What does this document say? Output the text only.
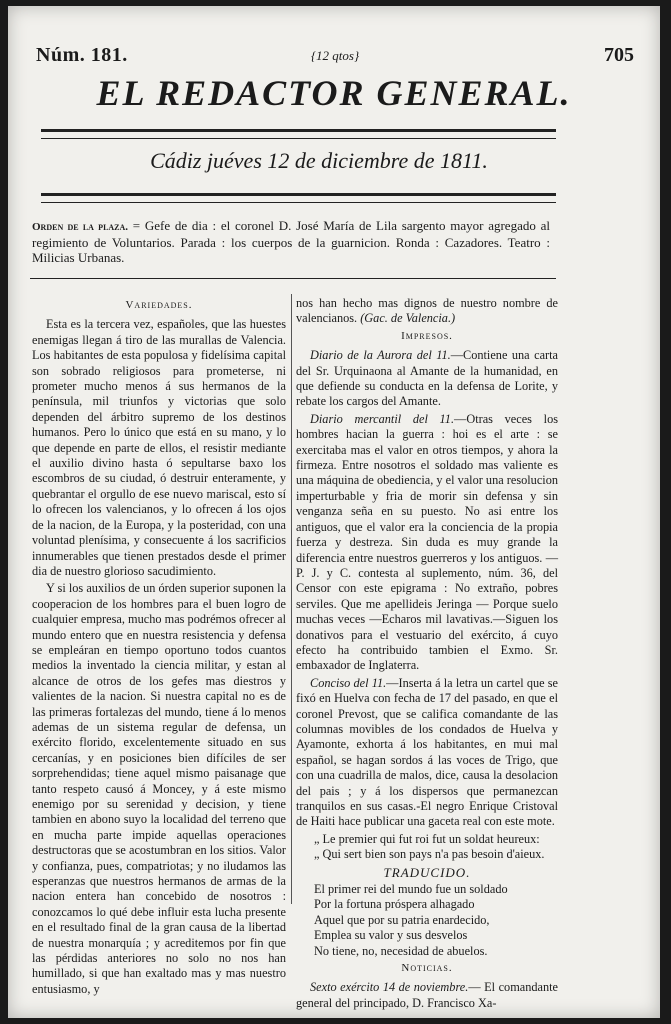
Núm. 181.	{12 qtos}	705
EL REDACTOR GENERAL.
Cádiz juéves 12 de diciembre de 1811.
Orden de la plaza. = Gefe de dia : el coronel D. José María de Lila sargento mayor agregado al regimiento de Voluntarios. Parada : los cuerpos de la guarnicion. Ronda : Cazadores. Teatro : Milicias Urbanas.
Variedades.

Esta es la tercera vez, españoles, que las huestes enemigas llegan á tiro de las murallas de Valencia. Los habitantes de esta populosa y fidelísima capital son sobrado religiosos para prometerse, ni prometer mucho menos á sus hermanos de la península, mil triunfos y victorias que solo dependen del árbitro supremo de los destinos humanos. Pero lo único que está en su mano, y lo que depende en parte de ellos, el resistir mediante el auxilio divino hasta ó sepultarse baxo los escombros de su ciudad, ó destruir enteramente, y quebrantar el orgullo de ese nuevo mariscal, esto sí lo ofrecen los valencianos, y lo ofrecen á los ojos de la nacion, de la Europa, y la posteridad, con una voluntad plenísima, y consecuente á los sacrificios innumerables que tienen prestados desde el primer dia de nuestro glorioso sacudimiento.

Y si los auxilios de un órden superior suponen la cooperacion de los hombres para el buen logro de cualquier empresa, mucho mas podrémos ofrecer al mundo entero que en nuestra resistencia y defensa se empleáran en tiempo oportuno todos cuantos medios la inventado la ciencia militar, y estan al alcance de otros de los gefes mas diestros y valientes de la nacion. Si nuestra capital no es de las primeras fortalezas del mundo, tiene á lo menos ademas de un sistema regular de defensa, un exército florido, excelentemente situado en sus cercanías, y en posiciones bien difíciles de ser sorprehendidas; tiene aquel mismo paisanage que tanto respeto causó á Moncey, y á este mismo enemigo por su serenidad y decision, y tiene tambien en abono suyo la localidad del terreno que en mucha parte impide aquellas operaciones destructoras que se acostumbran en los sitios. Valor y confianza, pues, compatriotas; y no iludamos las esperanzas que nuestros hermanos de armas de la nacion entera han concebido de nosotros : conozcamos lo qué debe influir esta lucha presente en el resultado final de la gran causa de la libertad de nuestra monarquía ; y acreditemos por fin que las pérdidas anteriores no solo no nos han humillado, si que han exaltado mas y mas nuestro entusiasmo, y

nos han hecho mas dignos de nuestro nombre de valencianos. (Gac. de Valencia.)

Impresos.

Diario de la Aurora del 11.—Contiene una carta del Sr. Urquinaona al Amante de la humanidad, en que defiende su conducta en la defensa de Lorite, y rebate los cargos del Amante.

Diario mercantil del 11.—Otras veces los hombres hacian la guerra : hoi es el arte : se exercitaba mas el valor en otros tiempos, y ahora la firmeza. Entre nosotros el soldado mas valiente es una máquina de obediencia, y el valor una resolucion imperturbable y fria de morir sin defensa y sin venganza seña en su puesto. No asi entre los antiguos, que el valor era la conciencia de la propia fuerza y destreza. Sin duda es muy grande la diferencia entre nuestros guerreros y los antiguos. — P. J. y C. contesta al suplemento, núm. 36, del Censor con este epigrama : No extraño, pobres serviles. Que me apellideis Jeringa — Porque suelo muchas veces —Echaros mil lavativas.—Siguen los donativos para el vestuario del exército, á cuyo efecto ha contribuido tambien el Exmo. Sr. embaxador de Inglaterra.

Conciso del 11.—Inserta á la letra un cartel que se fixó en Huelva con fecha de 17 del pasado, en que el coronel Prevost, que se califica comandante de las columnas movibles de los condados de Huelva y Ayamonte, exhorta á los habitantes, en mui mal español, se hagan sordos á las voces de Trigo, que con una cuadrilla de malos, dice, causa la desolacion del pais ; y á los dispersos que permanezcan tranquilos en sus casas.-El negro Enrique Cristoval de Haiti hace publicar una gaceta real con este mote.

„ Le premier qui fut roi fut un soldat heureux:
„ Qui sert bien son pays n'a pas besoin d'aieux.
TRADUCIDO.
El primer rei del mundo fue un soldado
Por la fortuna próspera alhagado
Aquel que por su patria enardecido,
Emplea su valor y sus desvelos
No tiene, no, necesidad de abuelos.
Noticias.

Sexto exército 14 de noviembre.— El comandante general del principado, D. Francisco Xa-
